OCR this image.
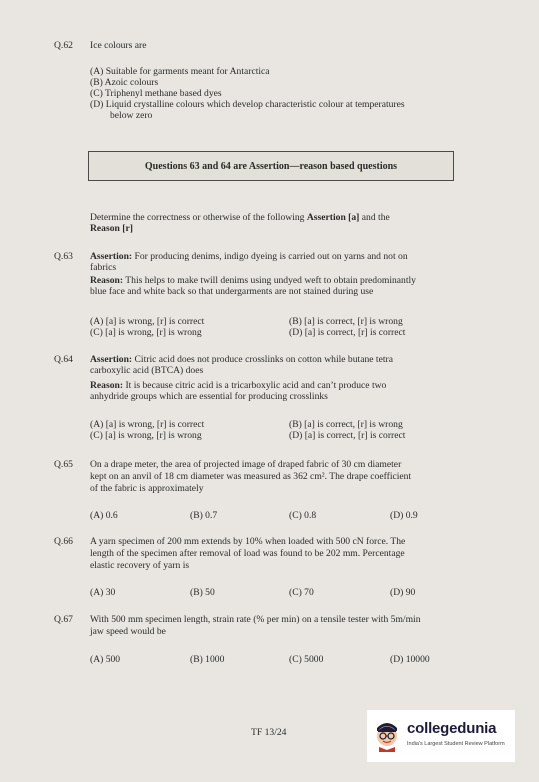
Q.62 Ice colours are
(A) Suitable for garments meant for Antarctica
(B) Azoic colours
(C) Triphenyl methane based dyes
(D) Liquid crystalline colours which develop characteristic colour at temperatures
below zero
Questions 63 and 64 are Assertion—reason based questions
Determine the correctness or otherwise of the following Assertion [a] and the
Reason [r]
Q.63 Assertion: For producing denims, indigo dyeing is carried out on yarns and not on
fabrics
Reason: This helps to make twill denims using undyed weft to obtain predominantly
blue face and white back so that undergarments are not stained during use
(A) [a] is wrong, [r] is correct	(B) [a] is correct, [r] is wrong
(C) [a] is wrong, [r] is wrong	(D) [a] is correct, [r] is correct
Q.64 Assertion: Citric acid does not produce crosslinks on cotton while butane tetra
carboxylic acid (BTCA) does
Reason: It is because citric acid is a tricarboxylic acid and can’t produce two
anhydride groups which are essential for producing crosslinks
(A) [a] is wrong, [r] is correct	(B) [a] is correct, [r] is wrong
(C) [a] is wrong, [r] is wrong	(D) [a] is correct, [r] is correct
Q.65 On a drape meter, the area of projected image of draped fabric of 30 cm diameter
kept on an anvil of 18 cm diameter was measured as 362 cm². The drape coefficient
of the fabric is approximately
(A) 0.6	(B) 0.7	(C) 0.8	(D) 0.9
Q.66 A yarn specimen of 200 mm extends by 10% when loaded with 500 cN force. The
length of the specimen after removal of load was found to be 202 mm. Percentage
elastic recovery of yarn is
(A) 30	(B) 50	(C) 70	(D) 90
Q.67 With 500 mm specimen length, strain rate (% per min) on a tensile tester with 5m/min
jaw speed would be
(A) 500	(B) 1000	(C) 5000	(D) 10000
TF 13/24	collegedunia
India's Largest Student Review Platform
